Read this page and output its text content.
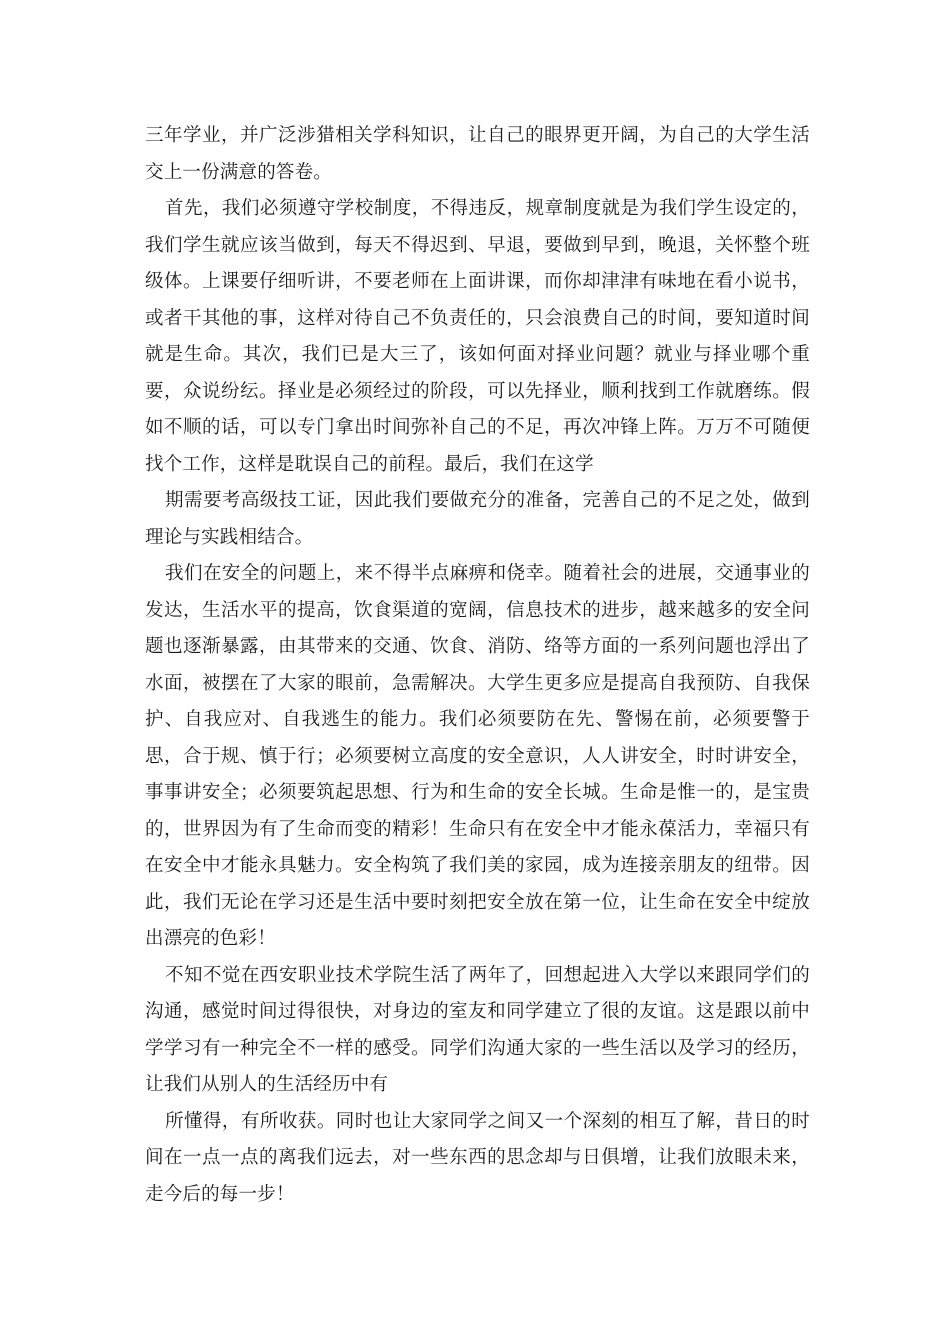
三年学业，并广泛涉猎相关学科知识，让自己的眼界更开阔，为自己的大学生活交上一份满意的答卷。

首先，我们必须遵守学校制度，不得违反，规章制度就是为我们学生设定的，我们学生就应该当做到，每天不得迟到、早退，要做到早到，晚退，关怀整个班级体。上课要仔细听讲，不要老师在上面讲课，而你却津津有味地在看小说书，或者干其他的事，这样对待自己不负责任的，只会浪费自己的时间，要知道时间就是生命。其次，我们已是大三了，该如何面对择业问题？就业与择业哪个重要，众说纷纭。择业是必须经过的阶段，可以先择业，顺利找到工作就磨练。假如不顺的话，可以专门拿出时间弥补自己的不足，再次冲锋上阵。万万不可随便找个工作，这样是耽误自己的前程。最后，我们在这学

期需要考高级技工证，因此我们要做充分的准备，完善自己的不足之处，做到理论与实践相结合。

我们在安全的问题上，来不得半点麻痹和侥幸。随着社会的进展，交通事业的发达，生活水平的提高，饮食渠道的宽阔，信息技术的进步，越来越多的安全问题也逐渐暴露，由其带来的交通、饮食、消防、络等方面的一系列问题也浮出了水面，被摆在了大家的眼前，急需解决。大学生更多应是提高自我预防、自我保护、自我应对、自我逃生的能力。我们必须要防在先、警惕在前，必须要警于思，合于规、慎于行；必须要树立高度的安全意识，人人讲安全，时时讲安全，事事讲安全；必须要筑起思想、行为和生命的安全长城。生命是惟一的，是宝贵的，世界因为有了生命而变的精彩！生命只有在安全中才能永葆活力，幸福只有在安全中才能永具魅力。安全构筑了我们美的家园，成为连接亲朋友的纽带。因此，我们无论在学习还是生活中要时刻把安全放在第一位，让生命在安全中绽放出漂亮的色彩！

不知不觉在西安职业技术学院生活了两年了，回想起进入大学以来跟同学们的沟通，感觉时间过得很快，对身边的室友和同学建立了很的友谊。这是跟以前中学学习有一种完全不一样的感受。同学们沟通大家的一些生活以及学习的经历，让我们从别人的生活经历中有

所懂得，有所收获。同时也让大家同学之间又一个深刻的相互了解，昔日的时间在一点一点的离我们远去，对一些东西的思念却与日俱增，让我们放眼未来，走今后的每一步！
